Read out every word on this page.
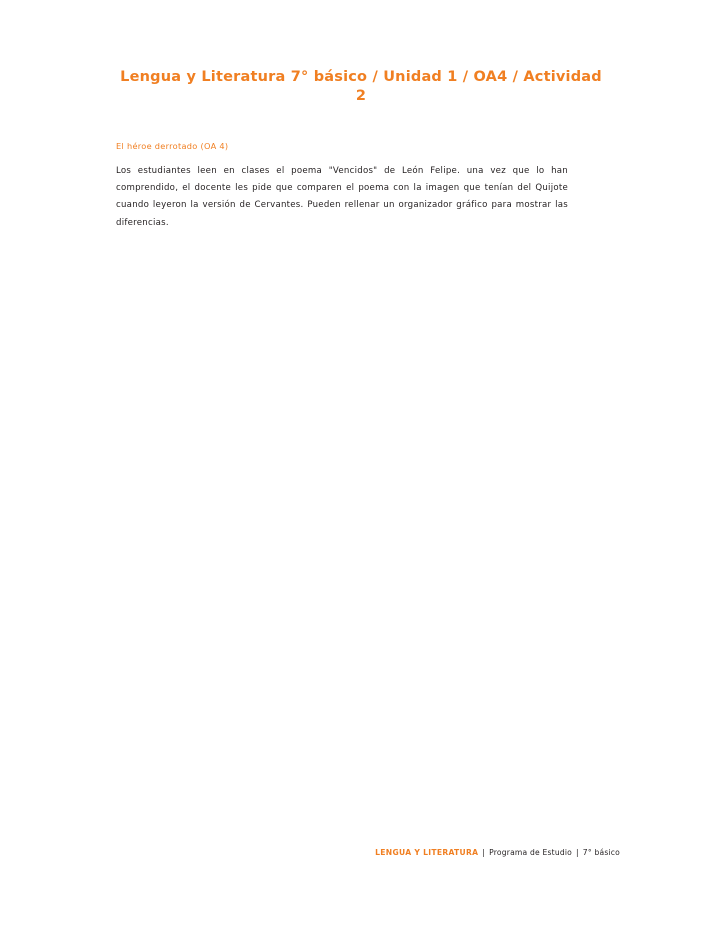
Lengua y Literatura 7° básico / Unidad 1 / OA4 / Actividad 2
El héroe derrotado (OA 4)
Los estudiantes leen en clases el poema "Vencidos" de León Felipe. una vez que lo han comprendido, el docente les pide que comparen el poema con la imagen que tenían del Quijote cuando leyeron la versión de Cervantes. Pueden rellenar un organizador gráfico para mostrar las diferencias.
LENGUA Y LITERATURA | Programa de Estudio | 7° básico
